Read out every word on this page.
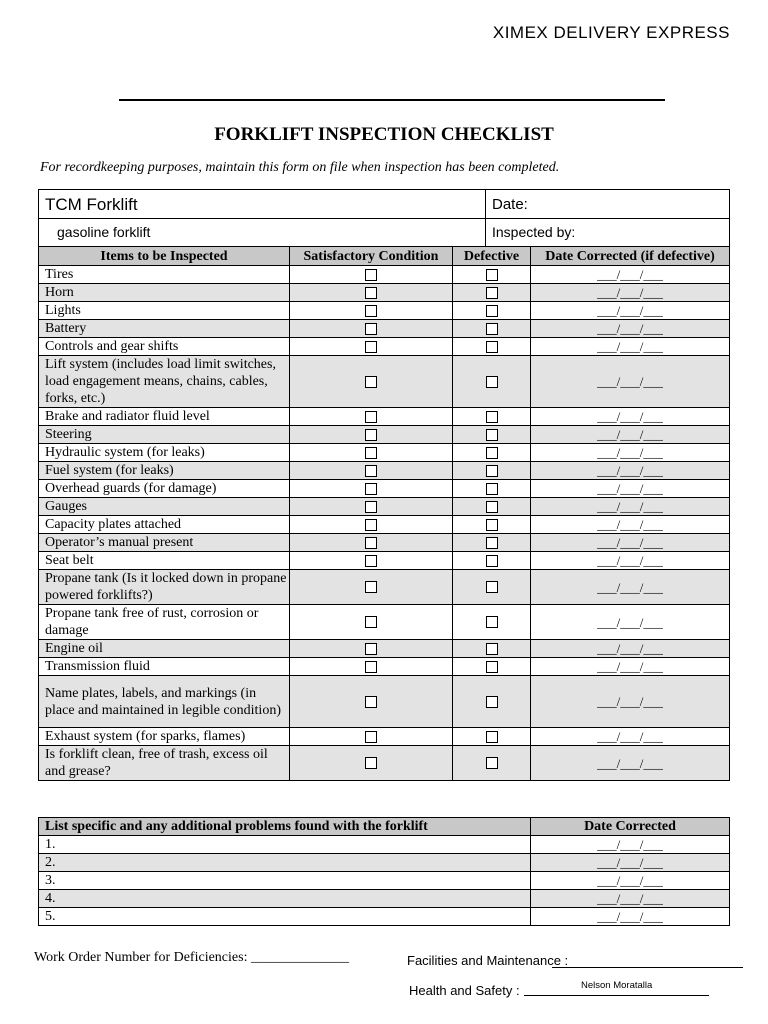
XIMEX DELIVERY EXPRESS
FORKLIFT INSPECTION CHECKLIST
For recordkeeping purposes, maintain this form on file when inspection has been completed.
TCM Forklift	Date:
gasoline forklift	Inspected by:
Items to be Inspected	Satisfactory Condition	Defective	Date Corrected (if defective)
Tires			___/___/___
Horn			___/___/___
Lights			___/___/___
Battery			___/___/___
Controls and gear shifts			___/___/___
Lift system (includes load limit switches, load engagement means, chains, cables, forks, etc.)			___/___/___
Brake and radiator fluid level			___/___/___
Steering			___/___/___
Hydraulic system (for leaks)			___/___/___
Fuel system (for leaks)			___/___/___
Overhead guards (for damage)			___/___/___
Gauges			___/___/___
Capacity plates attached			___/___/___
Operator’s manual present			___/___/___
Seat belt			___/___/___
Propane tank (Is it locked down in propane powered forklifts?)			___/___/___
Propane tank free of rust, corrosion or damage			___/___/___
Engine oil			___/___/___
Transmission fluid			___/___/___
Name plates, labels, and markings (in place and maintained in legible condition)			___/___/___
Exhaust system (for sparks, flames)			___/___/___
Is forklift clean, free of trash, excess oil and grease?			___/___/___
List specific and any additional problems found with the forklift	Date Corrected
1.	___/___/___
2.	___/___/___
3.	___/___/___
4.	___/___/___
5.	___/___/___
Work Order Number for Deficiencies: ______________	Facilities and Maintenance :
Health and Safety :	Nelson Moratalla
